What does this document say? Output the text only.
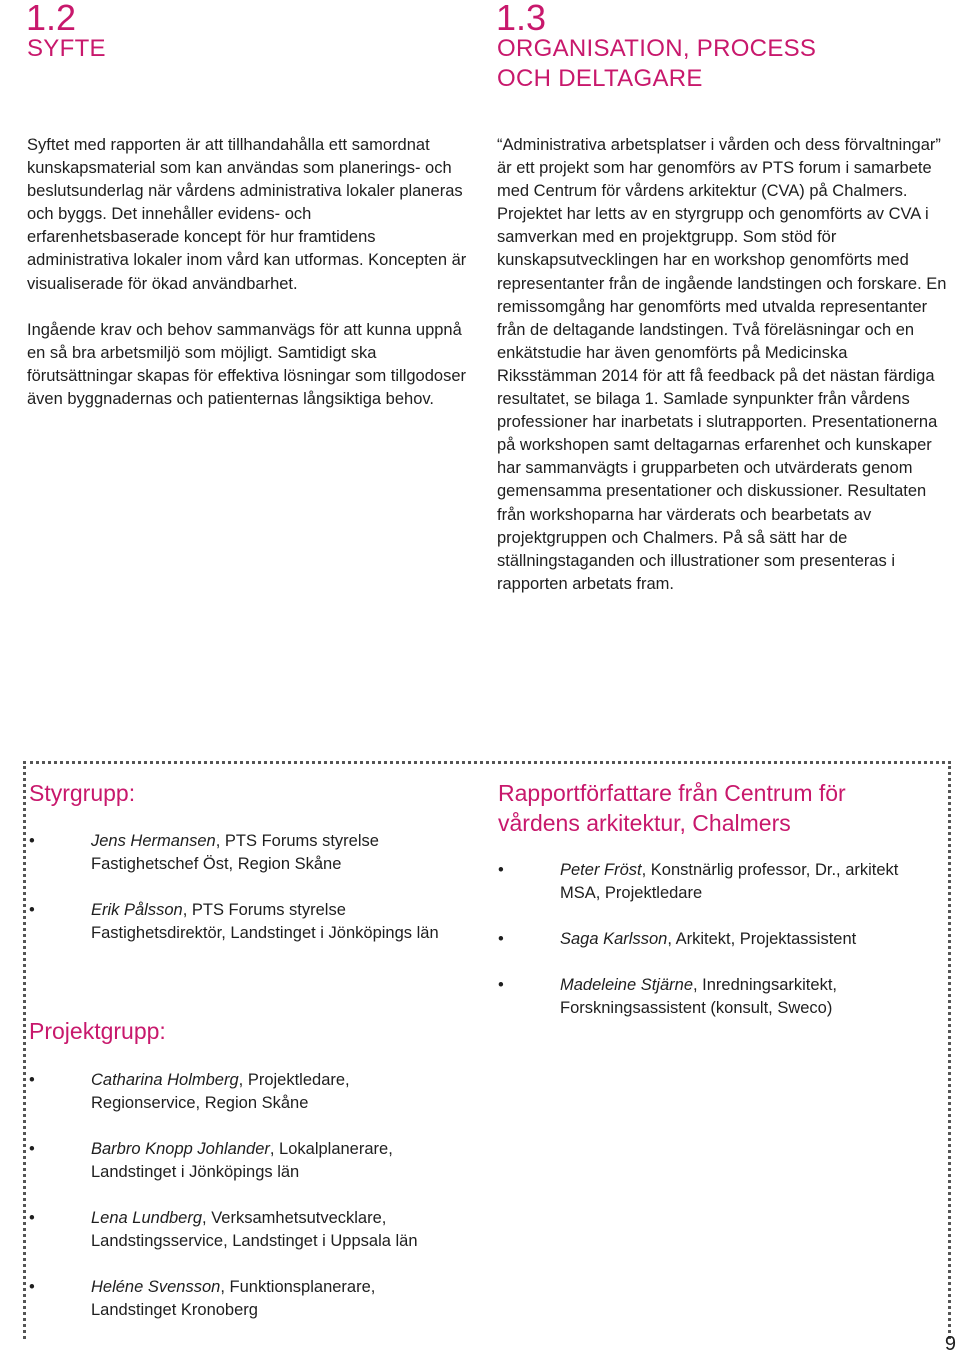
1.2
SYFTE

Syftet med rapporten är att tillhandahålla ett samordnat kunskapsmaterial som kan användas som planerings- och beslutsunderlag när vårdens administrativa lokaler planeras och byggs. Det innehåller evidens- och erfarenhetsbaserade koncept för hur framtidens administrativa lokaler inom vård kan utformas. Koncepten är visualiserade för ökad användbarhet.

Ingående krav och behov sammanvägs för att kunna uppnå en så bra arbetsmiljö som möjligt. Samtidigt ska förutsättningar skapas för effektiva lösningar som tillgodoser även byggnadernas och patienternas långsiktiga behov.

1.3
ORGANISATION, PROCESS
OCH DELTAGARE

“Administrativa arbetsplatser i vården och dess förvaltningar” är ett projekt som har genomförs av PTS forum i samarbete med Centrum för vårdens arkitektur (CVA) på Chalmers. Projektet har letts av en styrgrupp och genomförts av CVA i samverkan med en projektgrupp. Som stöd för kunskapsutvecklingen har en workshop genomförts med representanter från de ingående landstingen och forskare. En remissomgång har genomförts med utvalda representanter från de deltagande landstingen. Två föreläsningar och en enkätstudie har även genomförts på Medicinska Riksstämman 2014 för att få feedback på det nästan färdiga resultatet, se bilaga 1. Samlade synpunkter från vårdens professioner har inarbetats i slutrapporten. Presentationerna på workshopen samt deltagarnas erfarenhet och kunskaper har sammanvägts i grupparbeten och utvärderats genom gemensamma presentationer och diskussioner. Resultaten från workshoparna har värderats och bearbetats av projektgruppen och Chalmers. På så sätt har de ställningstaganden och illustrationer som presenteras i rapporten arbetats fram.

Styrgrupp:
•	Jens Hermansen, PTS Forums styrelse
Fastighetschef Öst, Region Skåne
•	Erik Pålsson, PTS Forums styrelse
Fastighetsdirektör, Landstinget i Jönköpings län
Projektgrupp:
•	Catharina Holmberg, Projektledare,
Regionservice, Region Skåne
•	Barbro Knopp Johlander, Lokalplanerare,
Landstinget i Jönköpings län
•	Lena Lundberg, Verksamhetsutvecklare,
Landstingsservice, Landstinget i Uppsala län
•	Heléne Svensson, Funktionsplanerare,
Landstinget Kronoberg
Rapportförfattare från Centrum för
vårdens arkitektur, Chalmers
•	Peter Fröst, Konstnärlig professor, Dr., arkitekt
MSA, Projektledare
•	Saga Karlsson, Arkitekt, Projektassistent
•	Madeleine Stjärne, Inredningsarkitekt,
Forskningsassistent (konsult, Sweco)
9
